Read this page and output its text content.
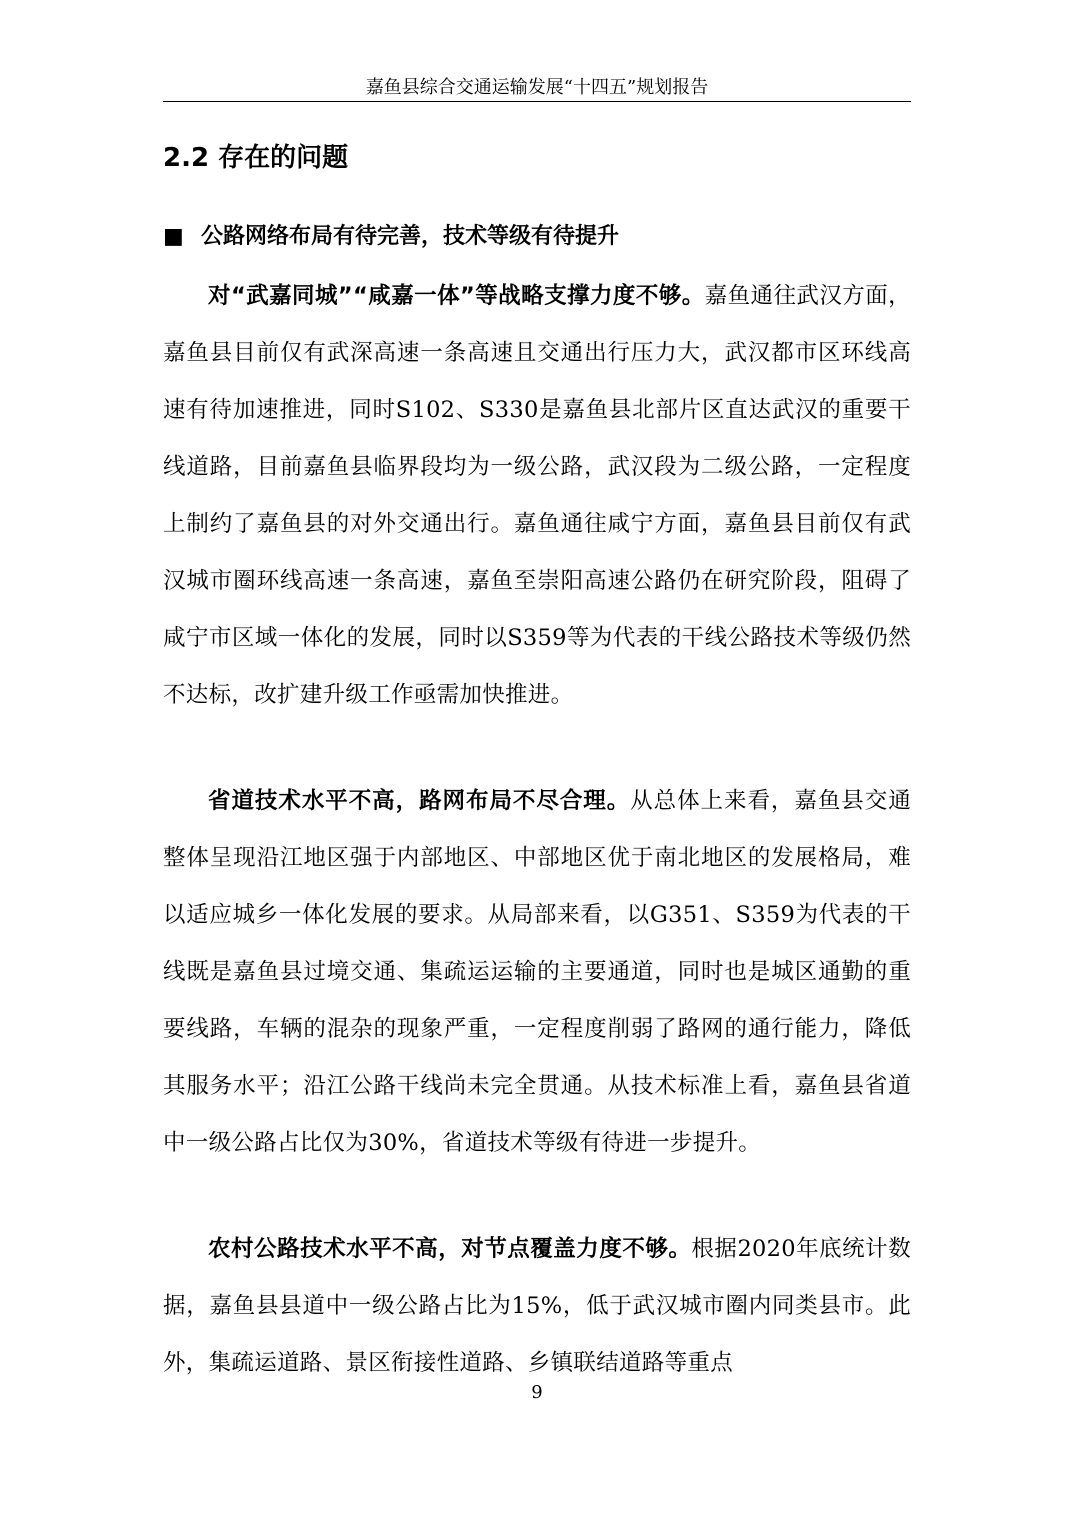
嘉鱼县综合交通运输发展“十四五”规划报告
2.2 存在的问题
■ 公路网络布局有待完善，技术等级有待提升

对“武嘉同城”“咸嘉一体”等战略支撑力度不够。嘉鱼通往武汉方面，嘉鱼县目前仅有武深高速一条高速且交通出行压力大，武汉都市区环线高速有待加速推进，同时S102、S330是嘉鱼县北部片区直达武汉的重要干线道路，目前嘉鱼县临界段均为一级公路，武汉段为二级公路，一定程度上制约了嘉鱼县的对外交通出行。嘉鱼通往咸宁方面，嘉鱼县目前仅有武汉城市圈环线高速一条高速，嘉鱼至崇阳高速公路仍在研究阶段，阻碍了咸宁市区域一体化的发展，同时以S359等为代表的干线公路技术等级仍然不达标，改扩建升级工作亟需加快推进。

省道技术水平不高，路网布局不尽合理。从总体上来看，嘉鱼县交通整体呈现沿江地区强于内部地区、中部地区优于南北地区的发展格局，难以适应城乡一体化发展的要求。从局部来看，以G351、S359为代表的干线既是嘉鱼县过境交通、集疏运运输的主要通道，同时也是城区通勤的重要线路，车辆的混杂的现象严重，一定程度削弱了路网的通行能力，降低其服务水平；沿江公路干线尚未完全贯通。从技术标准上看，嘉鱼县省道中一级公路占比仅为30%，省道技术等级有待进一步提升。

农村公路技术水平不高，对节点覆盖力度不够。根据2020年底统计数据，嘉鱼县县道中一级公路占比为15%，低于武汉城市圈内同类县市。此外，集疏运道路、景区衔接性道路、乡镇联结道路等重点

9
